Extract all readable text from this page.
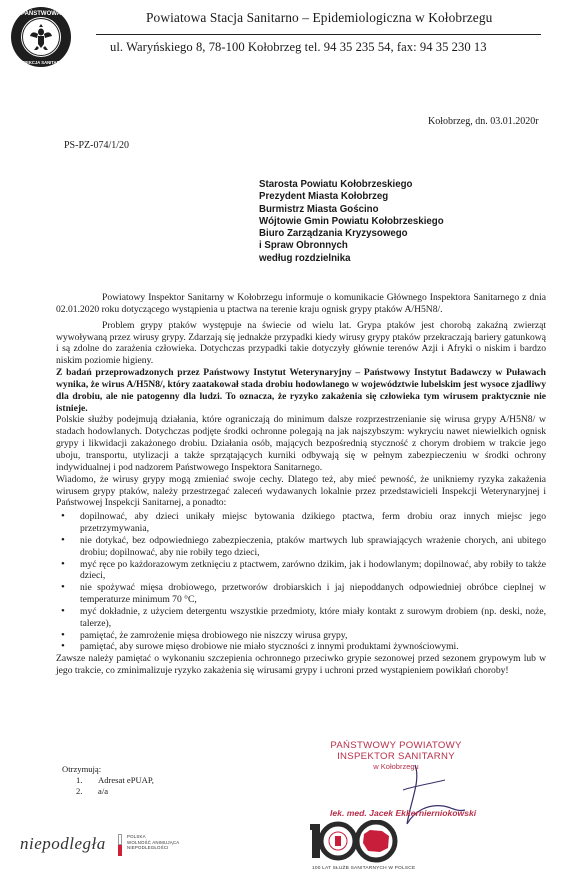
PAŃSTWOWA
INSPEKCJA SANITARNA
Powiatowa Stacja Sanitarno – Epidemiologiczna w Kołobrzegu
ul. Waryńskiego 8, 78-100 Kołobrzeg tel. 94 35 235 54, fax: 94 35 230 13
Kołobrzeg, dn. 03.01.2020r
PS-PZ-074/1/20
Starosta Powiatu Kołobrzeskiego
Prezydent Miasta Kołobrzeg
Burmistrz Miasta Gościno
Wójtowie Gmin Powiatu Kołobrzeskiego
Biuro Zarządzania Kryzysowego
i Spraw Obronnych
według rozdzielnika

Powiatowy Inspektor Sanitarny w Kołobrzegu informuje o komunikacie Głównego Inspektora Sanitarnego z dnia 02.01.2020 roku dotyczącego wystąpienia u ptactwa na terenie kraju ognisk grypy ptaków A/H5N8/.

Problem grypy ptaków występuje na świecie od wielu lat. Grypa ptaków jest chorobą zakaźną zwierząt wywoływaną przez wirusy grypy. Zdarzają się jednakże przypadki kiedy wirusy grypy ptaków przekraczają bariery gatunkową i są zdolne do zarażenia człowieka. Dotychczas przypadki takie dotyczyły głównie terenów Azji i Afryki o niskim i bardzo niskim poziomie higieny.

Z badań przeprowadzonych przez Państwowy Instytut Weterynaryjny – Państwowy Instytut Badawczy w Puławach wynika, że wirus A/H5N8/, który zaatakował stada drobiu hodowlanego w województwie lubelskim jest wysoce zjadliwy dla drobiu, ale nie patogenny dla ludzi. To oznacza, że ryzyko zakażenia się człowieka tym wirusem praktycznie nie istnieje.

Polskie służby podejmują działania, które ograniczają do minimum dalsze rozprzestrzenianie się wirusa grypy A/H5N8/ w stadach hodowlanych. Dotychczas podjęte środki ochronne polegają na jak najszybszym: wykryciu nawet niewielkich ognisk grypy i likwidacji zakażonego drobiu. Działania osób, mających bezpośrednią styczność z chorym drobiem w trakcie jego uboju, transportu, utylizacji a także sprzątających kurniki odbywają się w pełnym zabezpieczeniu w środki ochrony indywidualnej i pod nadzorem Państwowego Inspektora Sanitarnego.

Wiadomo, że wirusy grypy mogą zmieniać swoje cechy. Dlatego też, aby mieć pewność, że unikniemy ryzyka zakażenia wirusem grypy ptaków, należy przestrzegać zaleceń wydawanych lokalnie przez przedstawicieli Inspekcji Weterynaryjnej i Państwowej Inspekcji Sanitarnej, a ponadto:

• dopilnować, aby dzieci unikały miejsc bytowania dzikiego ptactwa, ferm drobiu oraz innych miejsc jego przetrzymywania,
• nie dotykać, bez odpowiedniego zabezpieczenia, ptaków martwych lub sprawiających wrażenie chorych, ani ubitego drobiu; dopilnować, aby nie robiły tego dzieci,
• myć ręce po każdorazowym zetknięciu z ptactwem, zarówno dzikim, jak i hodowlanym; dopilnować, aby robiły to także dzieci,
• nie spożywać mięsa drobiowego, przetworów drobiarskich i jaj niepoddanych odpowiedniej obróbce cieplnej w temperaturze minimum 70 °C,
• myć dokładnie, z użyciem detergentu wszystkie przedmioty, które miały kontakt z surowym drobiem (np. deski, noże, talerze),
• pamiętać, że zamrożenie mięsa drobiowego nie niszczy wirusa grypy,
• pamiętać, aby surowe mięso drobiowe nie miało styczności z innymi produktami żywnościowymi.

Zawsze należy pamiętać o wykonaniu szczepienia ochronnego przeciwko grypie sezonowej przed sezonem grypowym lub w jego trakcie, co zminimalizuje ryzyko zakażenia się wirusami grypy i uchroni przed wystąpieniem powikłań choroby!

PAŃSTWOWY POWIATOWY
INSPEKTOR SANITARNY
w Kołobrzegu
lek. med. Jacek Ekkernierniokowski
Otrzymują:
1. Adresat ePUAP,
2. a/a
niepodległa	POLSKA
WOLNOŚĆ ANIMUJĄCA
NIEPODLEGŁOŚCI
100 LAT SŁUŻB SANITARNYCH W POLSCE
